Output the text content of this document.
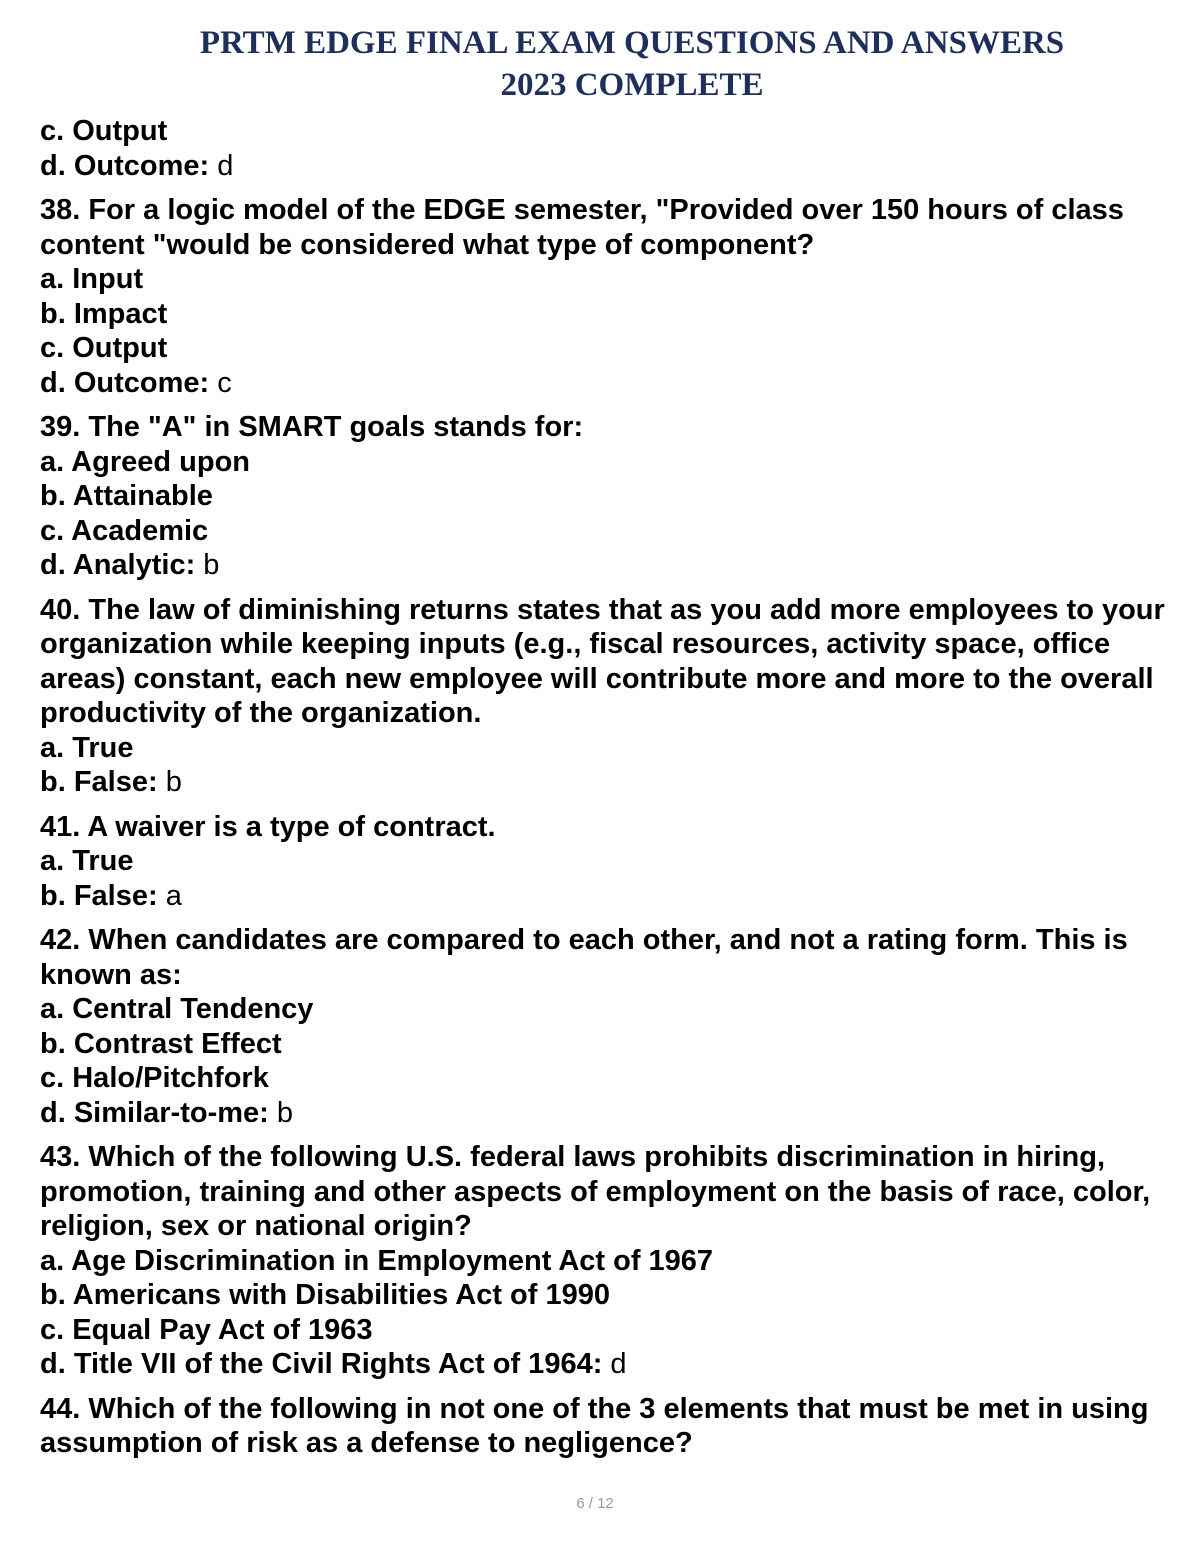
PRTM EDGE FINAL EXAM QUESTIONS AND ANSWERS
2023 COMPLETE
c. Output
d. Outcome: d
38. For a logic model of the EDGE semester, "Provided over 150 hours of class content "would be considered what type of component?
a. Input
b. Impact
c. Output
d. Outcome: c
39. The "A" in SMART goals stands for:
a. Agreed upon
b. Attainable
c. Academic
d. Analytic: b
40. The law of diminishing returns states that as you add more employees to your organization while keeping inputs (e.g., fiscal resources, activity space, office areas) constant, each new employee will contribute more and more to the overall productivity of the organization.
a. True
b. False: b
41. A waiver is a type of contract.
a. True
b. False: a
42. When candidates are compared to each other, and not a rating form. This is known as:
a. Central Tendency
b. Contrast Effect
c. Halo/Pitchfork
d. Similar-to-me: b
43. Which of the following U.S. federal laws prohibits discrimination in hiring, promotion, training and other aspects of employment on the basis of race, color, religion, sex or national origin?
a. Age Discrimination in Employment Act of 1967
b. Americans with Disabilities Act of 1990
c. Equal Pay Act of 1963
d. Title VII of the Civil Rights Act of 1964: d
44. Which of the following in not one of the 3 elements that must be met in using assumption of risk as a defense to negligence?
6 / 12
